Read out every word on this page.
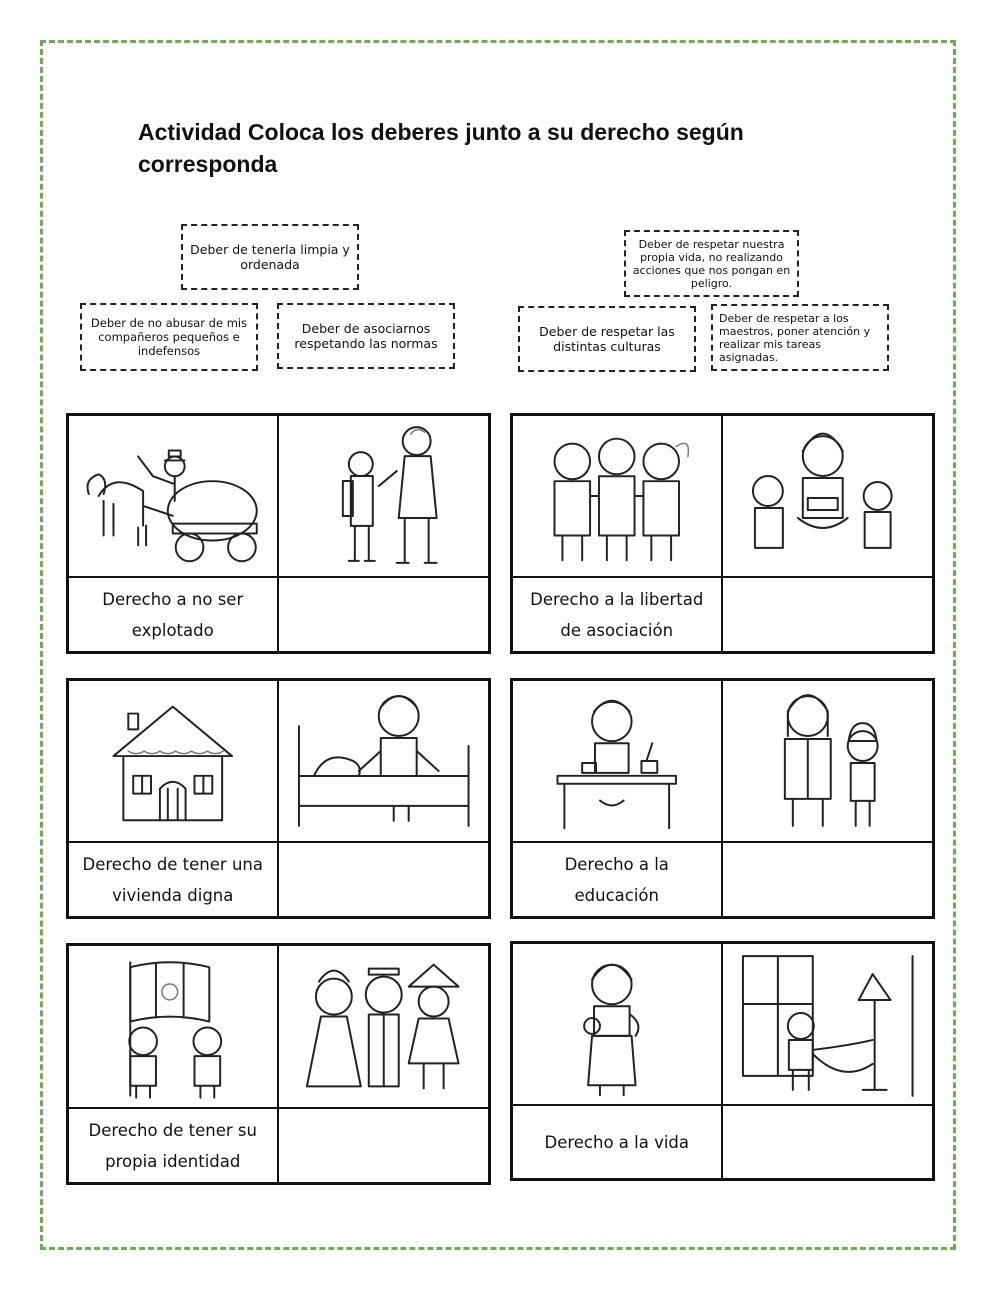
Actividad Coloca los deberes junto a su derecho según corresponda
Deber de tenerla limpia y ordenada
Deber de no abusar de mis compañeros pequeños e indefensos
Deber de asociarnos respetando las normas
Deber de respetar nuestra propia vida, no realizando acciones que nos pongan en peligro.
Deber de respetar las distintas culturas
Deber de respetar a los maestros, poner atención y realizar mis tareas asignadas.
Derecho a no ser explotado
Derecho a la libertad de asociación
Derecho de tener una vivienda digna
Derecho a la educación
Derecho de tener su propia identidad
Derecho a la vida
